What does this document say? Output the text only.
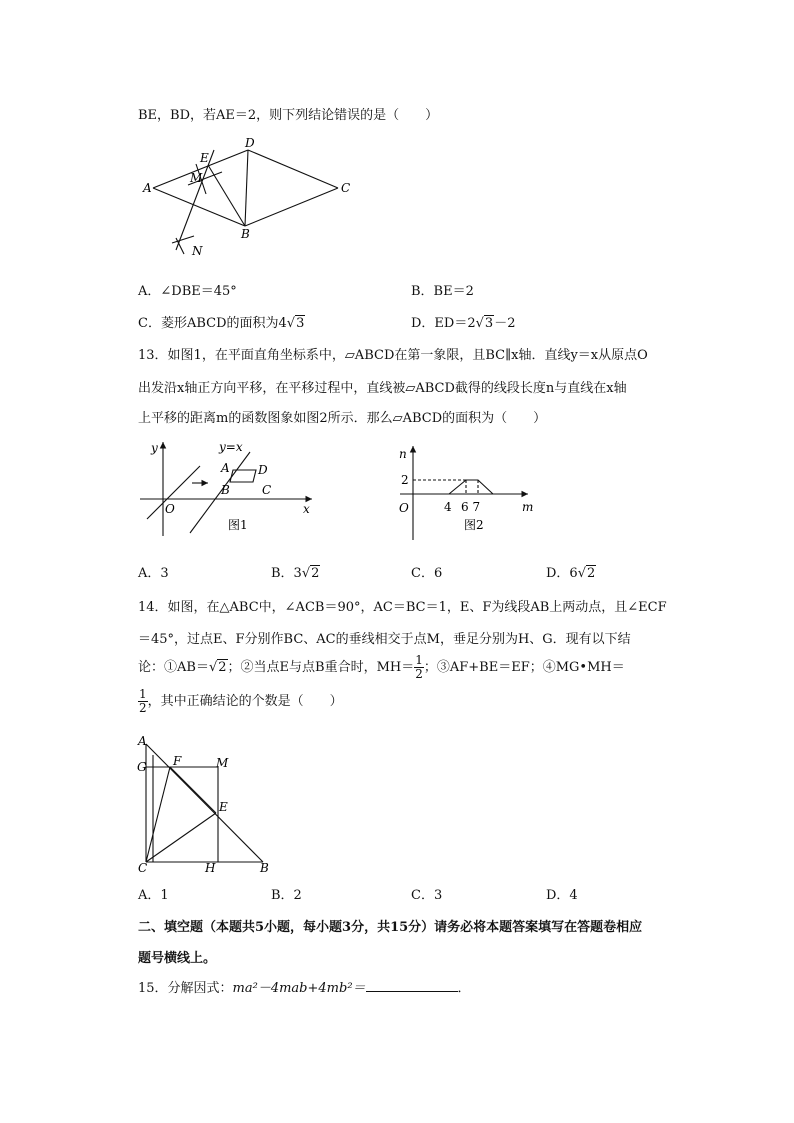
BE，BD，若AE＝2，则下列结论错误的是（　　）
A
D
C
B
E
M
N
A．∠DBE＝45°	B．BE＝2
C．菱形ABCD的面积为4√3	D．ED＝2√3－2
13．如图1，在平面直角坐标系中，▱ABCD在第一象限，且BC∥x轴．直线y＝x从原点O
出发沿x轴正方向平移，在平移过程中，直线被▱ABCD截得的线段长度n与直线在x轴
上平移的距离m的函数图象如图2所示．那么▱ABCD的面积为（　　）
y
x
O
y=x
A D
B	C
图1
n
m
O
2
4 6 7
图2
A．3	B．3√2	C．6	D．6√2
14．如图，在△ABC中，∠ACB＝90°，AC＝BC＝1，E、F为线段AB上两动点，且∠ECF
＝45°，过点E、F分别作BC、AC的垂线相交于点M，垂足分别为H、G．现有以下结
论：①AB＝√2；②当点E与点B重合时，$MH= \frac{1}{2}$ ；③AF+BE＝EF；④MG•MH＝
$\frac{1}{2}$ ，其中正确结论的个数是（　　）
A
G F	M
E
C	H	B
A．1	B．2	C．3	D．4
二、填空题（本题共5小题，每小题3分，共15分）请务必将本题答案填写在答题卷相应
题号横线上。
15．分解因式：ma²－4mab+4mb²＝	．
